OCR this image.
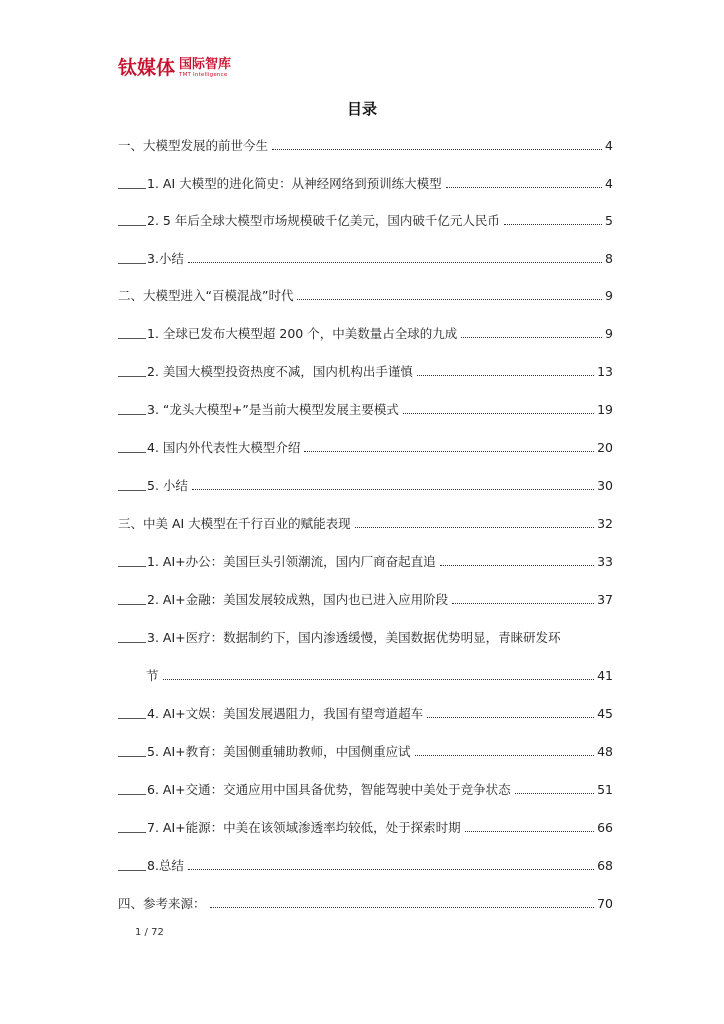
钛媒体 国际智库
TMT Intelligence
目录
一、大模型发展的前世今生	4
1. AI 大模型的进化简史：从神经网络到预训练大模型	4
2. 5 年后全球大模型市场规模破千亿美元，国内破千亿元人民币	5
3.小结	8
二、大模型进入“百模混战”时代	9
1. 全球已发布大模型超 200 个，中美数量占全球的九成	9
2. 美国大模型投资热度不减，国内机构出手谨慎	13
3. “龙头大模型+”是当前大模型发展主要模式	19
4. 国内外代表性大模型介绍	20
5. 小结	30
三、中美 AI 大模型在千行百业的赋能表现	32
1. AI+办公：美国巨头引领潮流，国内厂商奋起直追	33
2. AI+金融：美国发展较成熟，国内也已进入应用阶段	37
3. AI+医疗：数据制约下，国内渗透缓慢，美国数据优势明显，青睐研发环
节	41
4. AI+文娱：美国发展遇阻力，我国有望弯道超车	45
5. AI+教育：美国侧重辅助教师，中国侧重应试	48
6. AI+交通：交通应用中国具备优势，智能驾驶中美处于竞争状态	51
7. AI+能源：中美在该领域渗透率均较低，处于探索时期	66
8.总结	68
四、参考来源：	70
1 / 72
